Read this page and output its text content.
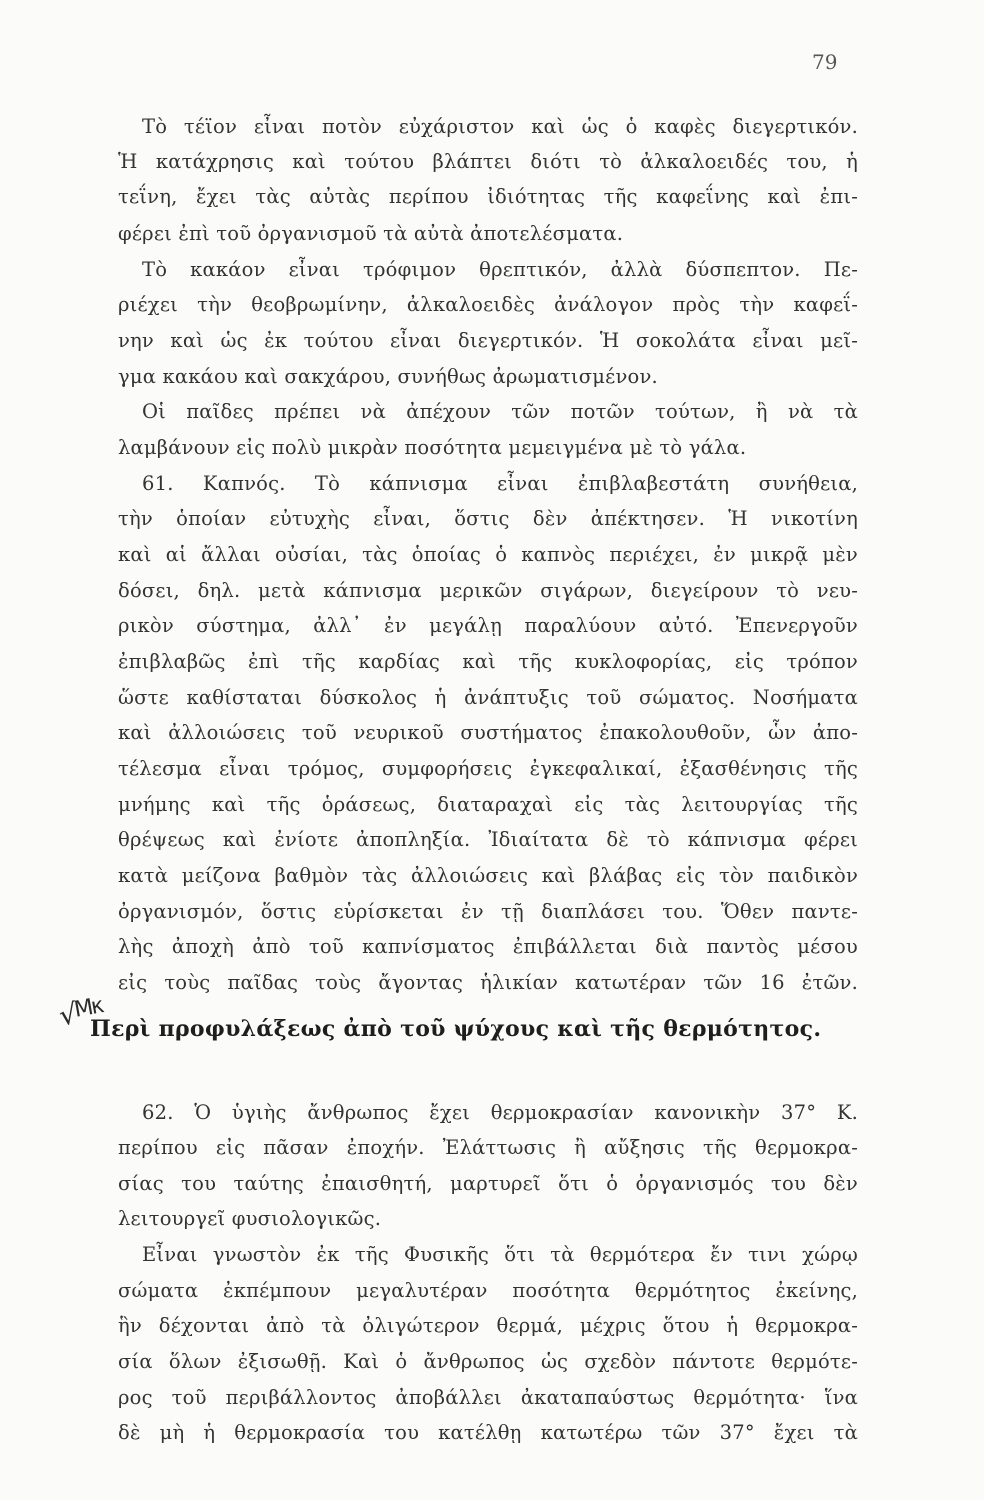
79
Τὸ τέϊον εἶναι ποτὸν εὐχάριστον καὶ ὡς ὁ καφὲς διεγερτικόν.
Ἡ κατάχρησις καὶ τούτου βλάπτει διότι τὸ ἀλκαλοειδές του, ἡ
τεΐνη, ἔχει τὰς αὐτὰς περίπου ἰδιότητας τῆς καφεΐνης καὶ ἐπι-
φέρει ἐπὶ τοῦ ὀργανισμοῦ τὰ αὐτὰ ἀποτελέσματα.
Τὸ κακάον εἶναι τρόφιμον θρεπτικόν, ἀλλὰ δύσπεπτον. Πε-
ριέχει τὴν θεοβρωμίνην, ἀλκαλοειδὲς ἀνάλογον πρὸς τὴν καφεΐ-
νην καὶ ὡς ἐκ τούτου εἶναι διεγερτικόν. Ἡ σοκολάτα εἶναι μεῖ-
γμα κακάου καὶ σακχάρου, συνήθως ἀρωματισμένον.
Οἱ παῖδες πρέπει νὰ ἀπέχουν τῶν ποτῶν τούτων, ἢ νὰ τὰ
λαμβάνουν εἰς πολὺ μικρὰν ποσότητα μεμειγμένα μὲ τὸ γάλα.
61. Καπνός. Τὸ κάπνισμα εἶναι ἐπιβλαβεστάτη συνήθεια,
τὴν ὁποίαν εὐτυχὴς εἶναι, ὅστις δὲν ἀπέκτησεν. Ἡ νικοτίνη
καὶ αἱ ἄλλαι οὐσίαι, τὰς ὁποίας ὁ καπνὸς περιέχει, ἐν μικρᾷ μὲν
δόσει, δηλ. μετὰ κάπνισμα μερικῶν σιγάρων, διεγείρουν τὸ νευ-
ρικὸν σύστημα, ἀλλ᾽ ἐν μεγάλῃ παραλύουν αὐτό. Ἐπενεργοῦν
ἐπιβλαβῶς ἐπὶ τῆς καρδίας καὶ τῆς κυκλοφορίας, εἰς τρόπον
ὥστε καθίσταται δύσκολος ἡ ἀνάπτυξις τοῦ σώματος. Νοσήματα
καὶ ἀλλοιώσεις τοῦ νευρικοῦ συστήματος ἐπακολουθοῦν, ὧν ἀπο-
τέλεσμα εἶναι τρόμος, συμφορήσεις ἐγκεφαλικαί, ἐξασθένησις τῆς
μνήμης καὶ τῆς ὁράσεως, διαταραχαὶ εἰς τὰς λειτουργίας τῆς
θρέψεως καὶ ἐνίοτε ἀποπληξία. Ἰδιαίτατα δὲ τὸ κάπνισμα φέρει
κατὰ μείζονα βαθμὸν τὰς ἀλλοιώσεις καὶ βλάβας εἰς τὸν παιδικὸν
ὀργανισμόν, ὅστις εὑρίσκεται ἐν τῇ διαπλάσει του. Ὅθεν παντε-
λὴς ἀποχὴ ἀπὸ τοῦ καπνίσματος ἐπιβάλλεται διὰ παντὸς μέσου
εἰς τοὺς παῖδας τοὺς ἄγοντας ἡλικίαν κατωτέραν τῶν 16 ἐτῶν.
√Mκ
Περὶ προφυλάξεως ἀπὸ τοῦ ψύχους καὶ τῆς θερμότητος.
62. Ὁ ὑγιὴς ἄνθρωπος ἔχει θερμοκρασίαν κανονικὴν 37° Κ.
περίπου εἰς πᾶσαν ἐποχήν. Ἐλάττωσις ἢ αὔξησις τῆς θερμοκρα-
σίας του ταύτης ἐπαισθητή, μαρτυρεῖ ὅτι ὁ ὀργανισμός του δὲν
λειτουργεῖ φυσιολογικῶς.
Εἶναι γνωστὸν ἐκ τῆς Φυσικῆς ὅτι τὰ θερμότερα ἔν τινι χώρῳ
σώματα ἐκπέμπουν μεγαλυτέραν ποσότητα θερμότητος ἐκείνης,
ἣν δέχονται ἀπὸ τὰ ὀλιγώτερον θερμά, μέχρις ὅτου ἡ θερμοκρα-
σία ὅλων ἐξισωθῇ. Καὶ ὁ ἄνθρωπος ὡς σχεδὸν πάντοτε θερμότε-
ρος τοῦ περιβάλλοντος ἀποβάλλει ἀκαταπαύστως θερμότητα· ἵνα
δὲ μὴ ἡ θερμοκρασία του κατέλθῃ κατωτέρω τῶν 37° ἔχει τὰ
